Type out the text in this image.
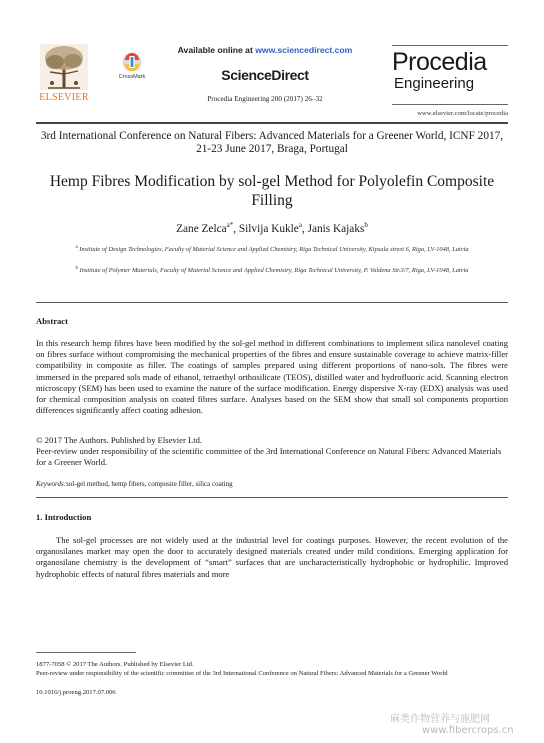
ELSEVIER
CrossMark
Available online at www.sciencedirect.com
ScienceDirect
Procedia Engineering 200 (2017) 26–32
Procedia
Engineering
www.elsevier.com/locate/procedia
3rd International Conference on Natural Fibers: Advanced Materials for a Greener World, ICNF 2017, 21-23 June 2017, Braga, Portugal
Hemp Fibres Modification by sol-gel Method for Polyolefin Composite Filling
Zane Zelca$^{a*}$, Silvija Kukle$^a$, Janis Kajaks$^b$
$^a$ Institute of Design Technologies, Faculty of Material Science and Applied Chemistry, Riga Technical University, Kipsala street 6, Riga, LV-1048, Latvia
$^b$ Institute of Polymer Materials, Faculty of Material Science and Applied Chemistry, Riga Technical University, P. Valdena Str.3/7, Riga, LV-1048, Latvia
Abstract

In this research hemp fibres have been modified by the sol-gel method in different combinations to implement silica nanolevel coating on fibres surface without compromising the mechanical properties of the fibres and ensure sustainable coverage to achieve matrix-filler compatibility in composite as filler. The coatings of samples prepared using different proportions of nano-sols. The fibres were immersed in the prepared sols made of ethanol, tetraethyl orthosilicate (TEOS), distilled water and hydrofluoric acid. Scanning electron microscopy (SEM) has been used to examine the nature of the surface modification. Energy dispersive X-ray (EDX) analysis was used for chemical composition analysis on coated fibres surface. Analyses based on the SEM show that small sol components proportion differences significantly affect coating adhesion.

© 2017 The Authors. Published by Elsevier Ltd.

Peer-review under responsibility of the scientific committee of the 3rd International Conference on Natural Fibers: Advanced Materials for a Greener World.

Keywords:sol-gel method, hemp fibers, composite filler, silica coating

1. Introduction

The sol-gel processes are not widely used at the industrial level for coatings purposes. However, the recent evolution of the organosilanes market may open the door to accurately designed materials created under mild conditions. Emerging application for organosilane chemistry is the development of “smart” surfaces that are uncharacteristically hydrophobic or hydrophilic. Improved hydrophobic effects of natural fibres materials and more

1877-7058 © 2017 The Authors. Published by Elsevier Ltd.

Peer-review under responsibility of the scientific committee of the 3rd International Conference on Natural Fibers: Advanced Materials for a Greener World

10.1016/j.proeng.2017.07.006

麻类作物营养与施肥网
www.fibercrops.cn
